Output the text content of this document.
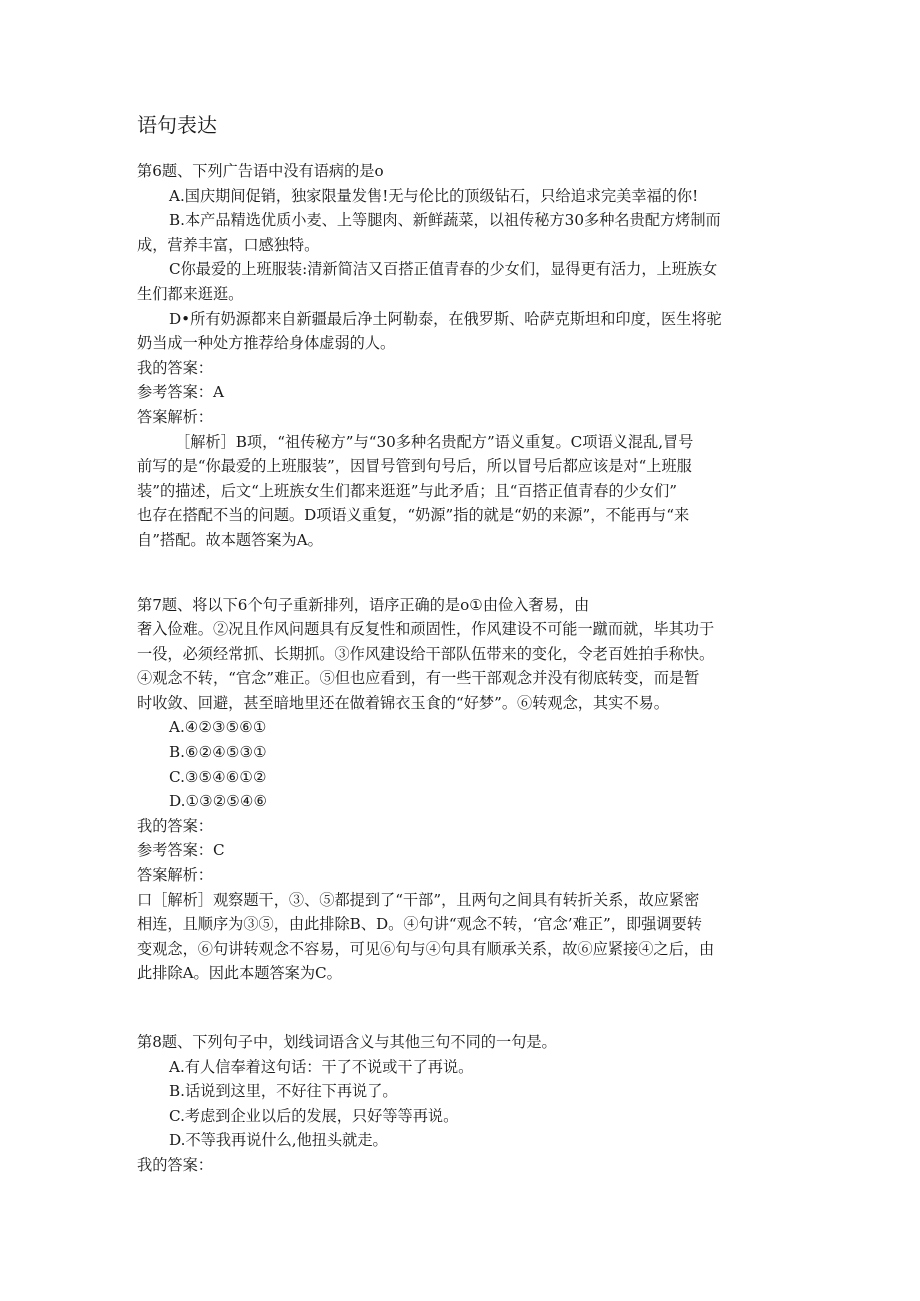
语句表达
第6题、下列广告语中没有语病的是o
A.国庆期间促销，独家限量发售!无与伦比的顶级钻石，只给追求完美幸福的你!
B.本产品精选优质小麦、上等腿肉、新鲜蔬菜，以祖传秘方30多种名贵配方烤制而
成，营养丰富，口感独特。
C你最爱的上班服装:清新简洁又百搭正值青春的少女们，显得更有活力，上班族女
生们都来逛逛。
D•所有奶源都来自新疆最后净土阿勒泰，在俄罗斯、哈萨克斯坦和印度，医生将驼
奶当成一种处方推荐给身体虚弱的人。
我的答案：
参考答案：A
答案解析：
［解析］B项，“祖传秘方”与“30多种名贵配方”语义重复。C项语义混乱,冒号
前写的是“你最爱的上班服装”，因冒号管到句号后，所以冒号后都应该是对“上班服
装”的描述，后文“上班族女生们都来逛逛”与此矛盾；且“百搭正值青春的少女们”
也存在搭配不当的问题。D项语义重复，“奶源”指的就是“奶的来源”，不能再与“来
自”搭配。故本题答案为A。
第7题、将以下6个句子重新排列，语序正确的是o①由俭入奢易，由
奢入俭难。②况且作风问题具有反复性和顽固性，作风建设不可能一蹴而就，毕其功于
一役，必须经常抓、长期抓。③作风建设给干部队伍带来的变化，令老百姓拍手称快。
④观念不转，“官念”难正。⑤但也应看到，有一些干部观念并没有彻底转变，而是暂
时收敛、回避，甚至暗地里还在做着锦衣玉食的“好梦”。⑥转观念，其实不易。
A.④②③⑤⑥①
B.⑥②④⑤③①
C.③⑤④⑥①②
D.①③②⑤④⑥
我的答案：
参考答案：C
答案解析：
口［解析］观察题干，③、⑤都提到了“干部”，且两句之间具有转折关系，故应紧密
相连，且顺序为③⑤，由此排除B、D。④句讲“观念不转，‘官念’难正”，即强调要转
变观念，⑥句讲转观念不容易，可见⑥句与④句具有顺承关系，故⑥应紧接④之后，由
此排除A。因此本题答案为C。
第8题、下列句子中，划线词语含义与其他三句不同的一句是。
A.有人信奉着这句话：干了不说或干了再说。
B.话说到这里，不好往下再说了。
C.考虑到企业以后的发展，只好等等再说。
D.不等我再说什么,他扭头就走。
我的答案：
